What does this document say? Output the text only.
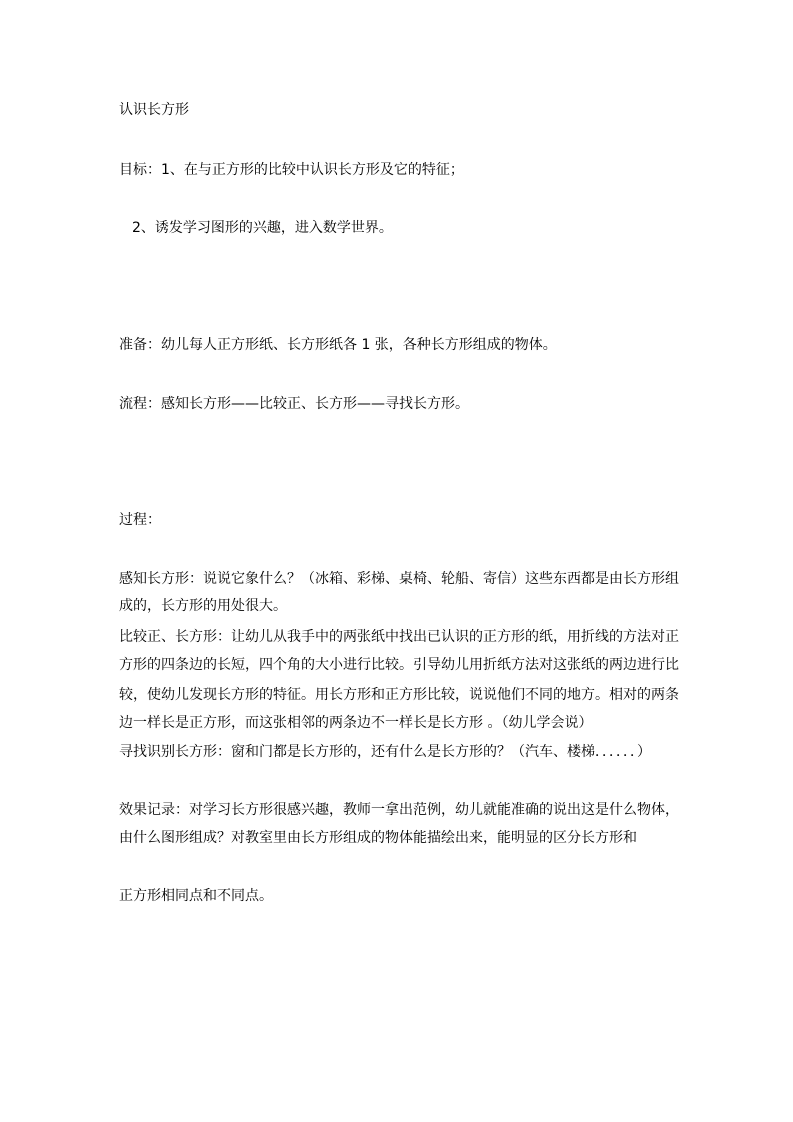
认识长方形
目标：1、在与正方形的比较中认识长方形及它的特征；
2、诱发学习图形的兴趣，进入数学世界。
准备：幼儿每人正方形纸、长方形纸各 1 张，各种长方形组成的物体。
流程：感知长方形——比较正、长方形——寻找长方形。
过程：
感知长方形：说说它象什么？（冰箱、彩梯、桌椅、轮船、寄信）这些东西都是由长方形组
成的，长方形的用处很大。
比较正、长方形：让幼儿从我手中的两张纸中找出已认识的正方形的纸，用折线的方法对正
方形的四条边的长短，四个角的大小进行比较。引导幼儿用折纸方法对这张纸的两边进行比
较，使幼儿发现长方形的特征。用长方形和正方形比较，说说他们不同的地方。相对的两条
边一样长是正方形，而这张相邻的两条边不一样长是长方形 。（幼儿学会说）
寻找识别长方形：窗和门都是长方形的，还有什么是长方形的？（汽车、楼梯．．．．．．）
效果记录：对学习长方形很感兴趣，教师一拿出范例，幼儿就能准确的说出这是什么物体，
由什么图形组成？对教室里由长方形组成的物体能描绘出来，能明显的区分长方形和
正方形相同点和不同点。
